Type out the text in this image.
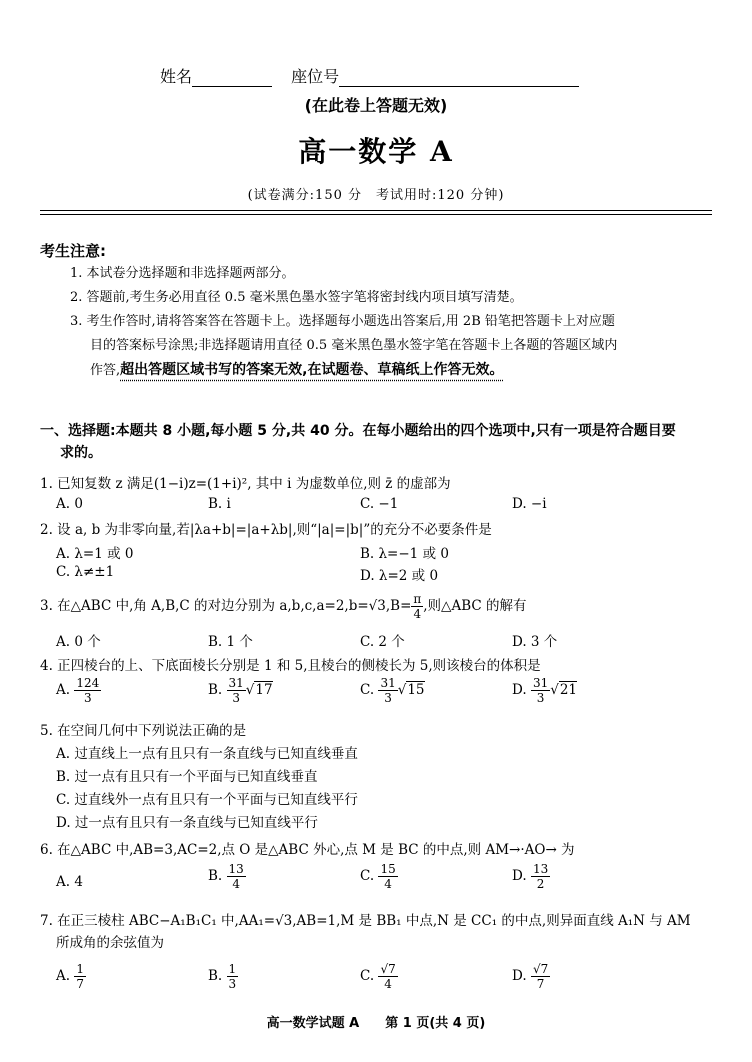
姓名	座位号
(在此卷上答题无效)
高一数学 A
(试卷满分:150 分　考试用时:120 分钟)
考生注意:
1. 本试卷分选择题和非选择题两部分。
2. 答题前,考生务必用直径 0.5 毫米黑色墨水签字笔将密封线内项目填写清楚。
3. 考生作答时,请将答案答在答题卡上。选择题每小题选出答案后,用 2B 铅笔把答题卡上对应题
目的答案标号涂黑;非选择题请用直径 0.5 毫米黑色墨水签字笔在答题卡上各题的答题区域内
作答,超出答题区域书写的答案无效,在试题卷、草稿纸上作答无效。
一、选择题:本题共 8 小题,每小题 5 分,共 40 分。在每小题给出的四个选项中,只有一项是符合题目要
求的。
1. 已知复数 z 满足(1−i)z=(1+i)², 其中 i 为虚数单位,则 z̄ 的虚部为
A. 0	B. i	C. −1	D. −i
2. 设 a, b 为非零向量,若|λa+b|=|a+λb|,则“|a|=|b|”的充分不必要条件是
A. λ=1 或 0	B. λ=−1 或 0
C. λ≠±1	D. λ=2 或 0
3. 在△ABC 中,角 A,B,C 的对边分别为 $a,b,c,a=2,b=√3,B= \frac{\pi}{4}$ ,则△ABC 的解有
A. 0 个	B. 1 个	C. 2 个	D. 3 个
4. 正四棱台的上、下底面棱长分别是 1 和 5,且棱台的侧棱长为 5,则该棱台的体积是
A. $\frac{124}{3}$	B. $\frac{31}{3} √17$	C. $\frac{31}{3} √15$	D. $\frac{31}{3} √21$
5. 在空间几何中下列说法正确的是
A. 过直线上一点有且只有一条直线与已知直线垂直
B. 过一点有且只有一个平面与已知直线垂直
C. 过直线外一点有且只有一个平面与已知直线平行
D. 过一点有且只有一条直线与已知直线平行
6. 在△ABC 中,AB=3,AC=2,点 O 是△ABC 外心,点 M 是 BC 的中点,则 AM→·AO→ 为
A. 4	B. $\frac{13}{4}$	C. $\frac{15}{4}$	D. $\frac{13}{2}$
7. 在正三棱柱 ABC−A₁B₁C₁ 中,AA₁=√3,AB=1,M 是 BB₁ 中点,N 是 CC₁ 的中点,则异面直线 A₁N 与 AM
所成角的余弦值为
A. $\frac{1}{7}$	B. $\frac{1}{3}$	C. $\frac{√7}{4}$	D. $\frac{√7}{7}$
高一数学试题 A　　第 1 页(共 4 页)
